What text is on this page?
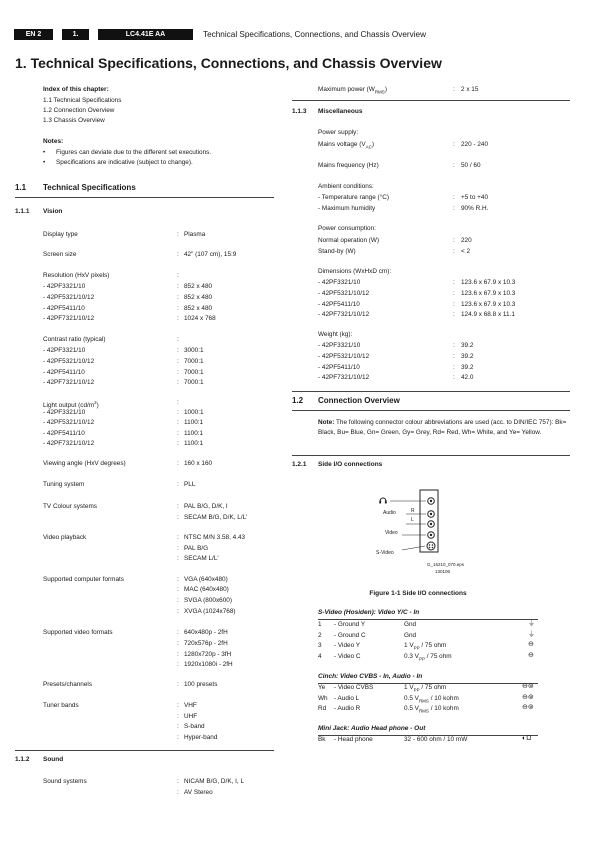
EN 2	1.	LC4.41E AA	Technical Specifications, Connections, and Chassis Overview
1. Technical Specifications, Connections, and Chassis Overview
Index of this chapter:
1.1 Technical Specifications
1.2 Connection Overview
1.3 Chassis Overview
Notes:
• Figures can deviate due to the different set executions.
• Specifications are indicative (subject to change).
1.1 Technical Specifications
1.1.1 Vision
Display type	: Plasma
Screen size	: 42" (107 cm), 15:9
Resolution (HxV pixels)	:
- 42PF3321/10	: 852 x 480
- 42PF5321/10/12	: 852 x 480
- 42PF5411/10	: 852 x 480
- 42PF7321/10/12	: 1024 x 768
Contrast ratio (typical)	:
- 42PF3321/10	: 3000:1
- 42PF5321/10/12	: 7000:1
- 42PF5411/10	: 7000:1
- 42PF7321/10/12	: 7000:1
Light output $(cd/m^2)$	:
- 42PF3321/10	: 1000:1
- 42PF5321/10/12	: 1100:1
- 42PF5411/10	: 1100:1
- 42PF7321/10/12	: 1100:1
Viewing angle (HxV degrees)	: 160 x 160
Tuning system	: PLL
TV Colour systems	: PAL B/G, D/K, I
: SECAM B/G, D/K, L/L'
Video playback	: NTSC M/N 3.58, 4.43
: PAL B/G
: SECAM L/L'
Supported computer formats	: VGA (640x480)
: MAC (640x480)
: SVGA (800x600)
: XVGA (1024x768)
Supported video formats	: 640x480p - 2fH
: 720x576p - 2fH
: 1280x720p - 3fH
: 1920x1080i - 2fH
Presets/channels	: 100 presets
Tuner bands	: VHF
: UHF
: S-band
: Hyper-band
Sound systems	: NICAM B/G, D/K, I, L
: AV Stereo
1.1.2 Sound
Maximum power $(W_{RMS})$	: 2 x 15
1.1.3 Miscellaneous
Power supply:
Mains voltage $(V_{AC})$	: 220 - 240
Mains frequency (Hz)	: 50 / 60
Ambient conditions:
- Temperature range (°C)	: +5 to +40
- Maximum humidity	: 90% R.H.
Power consumption:
Normal operation (W)	: 220
Stand-by (W)	: < 2
Dimensions (WxHxD cm):
- 42PF3321/10	: 123.6 x 67.9 x 10.3
- 42PF5321/10/12	: 123.6 x 67.9 x 10.3
- 42PF5411/10	: 123.6 x 67.9 x 10.3
- 42PF7321/10/12	: 124.9 x 68.8 x 11.1
Weight (kg):
- 42PF3321/10	: 39.2
- 42PF5321/10/12	: 39.2
- 42PF5411/10	: 39.2
- 42PF7321/10/12	: 42.0
1.2 Connection Overview
Note: The following connector colour abbreviations are used (acc. to DIN/IEC 757): Bk= Black, Bu= Blue, Gn= Green, Gy= Grey, Rd= Red, Wh= White, and Ye= Yellow.
1.2.1 Side I/O connections
Audio	R
L
Video
S-Video
G_16210_070.eps
130106
Figure 1-1 Side I/O connections
S-Video (Hosiden): Video Y/C - In
1 - Ground Y	Gnd	⏚
2 - Ground C	Gnd	⏚
3 - Video Y	1 $V_{PP} / 75$ ohm	⊖
4 - Video C	0.3 $V_{PP} / 75$ ohm	⊖
Cinch: Video CVBS - In, Audio - In
Ye - Video CVBS	1 $V_{PP} / 75$ ohm	⊖⊚
Wh - Audio L	0.5 $V_{RMS} / 10$ kohm	⊖⊚
Rd - Audio R	0.5 $V_{RMS} / 10$ kohm	⊖⊚
Mini Jack: Audio Head phone - Out
Bk - Head phone	32 - 600 ohm / 10 mW	◐Ω
